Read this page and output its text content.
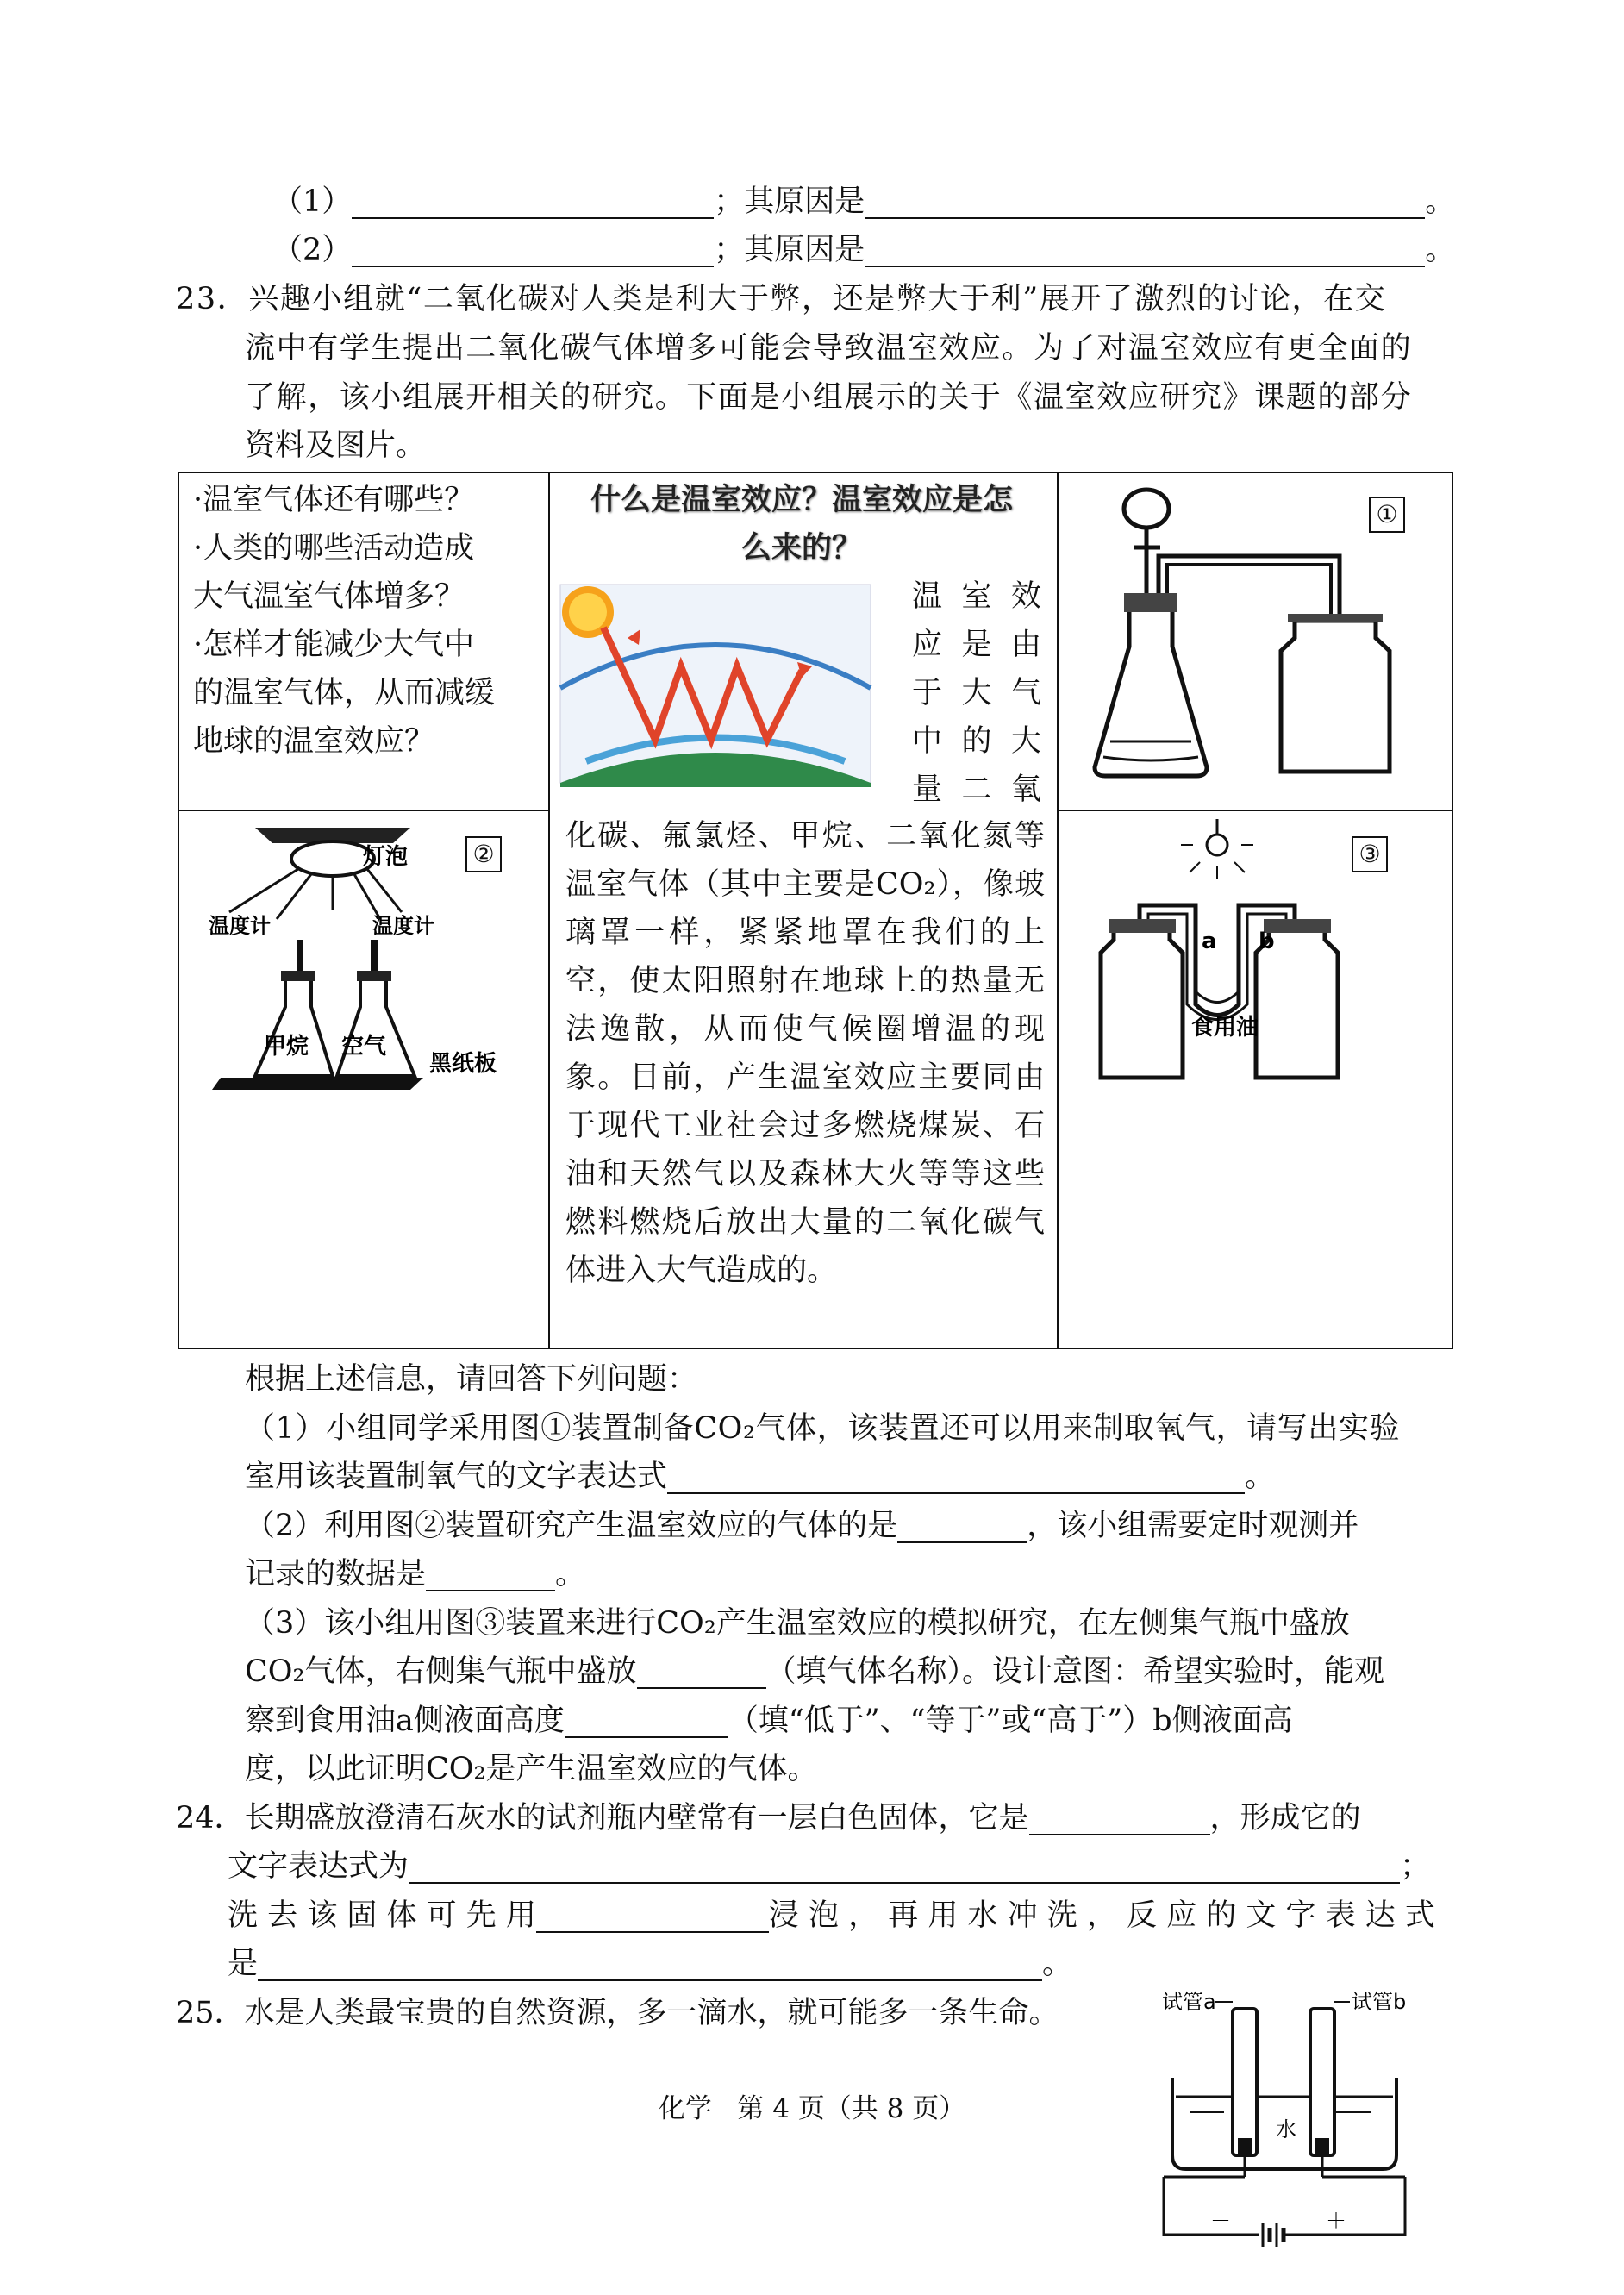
（1）	；其原因是	。
（2）	；其原因是	。
23．兴趣小组就“二氧化碳对人类是利大于弊，还是弊大于利”展开了激烈的讨论，在交
流中有学生提出二氧化碳气体增多可能会导致温室效应。为了对温室效应有更全面的
了解，该小组展开相关的研究。下面是小组展示的关于《温室效应研究》课题的部分
资料及图片。
·温室气体还有哪些？
·人类的哪些活动造成
大气温室气体增多？
·怎样才能减少大气中
的温室气体，从而减缓
地球的温室效应？
什么是温室效应？温室效应是怎
么来的？
温 室 效
应 是 由
于 大 气
中 的 大
量 二 氧
化碳、氟氯烃、甲烷、二氧化氮等温室气体（其中主要是CO₂），像玻璃罩一样，紧紧地罩在我们的上空，使太阳照射在地球上的热量无法逸散，从而使气候圈增温的现象。目前，产生温室效应主要同由于现代工业社会过多燃烧煤炭、石油和天然气以及森林大火等等这些燃料燃烧后放出大量的二氧化碳气体进入大气造成的。
①
②
灯泡
温度计	温度计
甲烷 空气
黑纸板
③
a b
食用油
根据上述信息，请回答下列问题：
（1）小组同学采用图①装置制备CO₂气体，该装置还可以用来制取氧气，请写出实验
室用该装置制氧气的文字表达式	。
（2）利用图②装置研究产生温室效应的气体的是	，该小组需要定时观测并
记录的数据是	。
（3）该小组用图③装置来进行CO₂产生温室效应的模拟研究，在左侧集气瓶中盛放
CO₂气体，右侧集气瓶中盛放	（填气体名称）。设计意图：希望实验时，能观
察到食用油a侧液面高度	（填“低于”、“等于”或“高于”）b侧液面高
度，以此证明CO₂是产生温室效应的气体。
24．长期盛放澄清石灰水的试剂瓶内壁常有一层白色固体，它是	，形成它的
文字表达式为	；
洗 去 该 固 体 可 先 用	浸 泡 ， 再 用 水 冲 洗 ， 反 应 的 文 字 表 达 式
是	。
25．水是人类最宝贵的自然资源，多一滴水，就可能多一条生命。	试管a	试管b
水
－	＋
化学 第 4 页（共 8 页）
